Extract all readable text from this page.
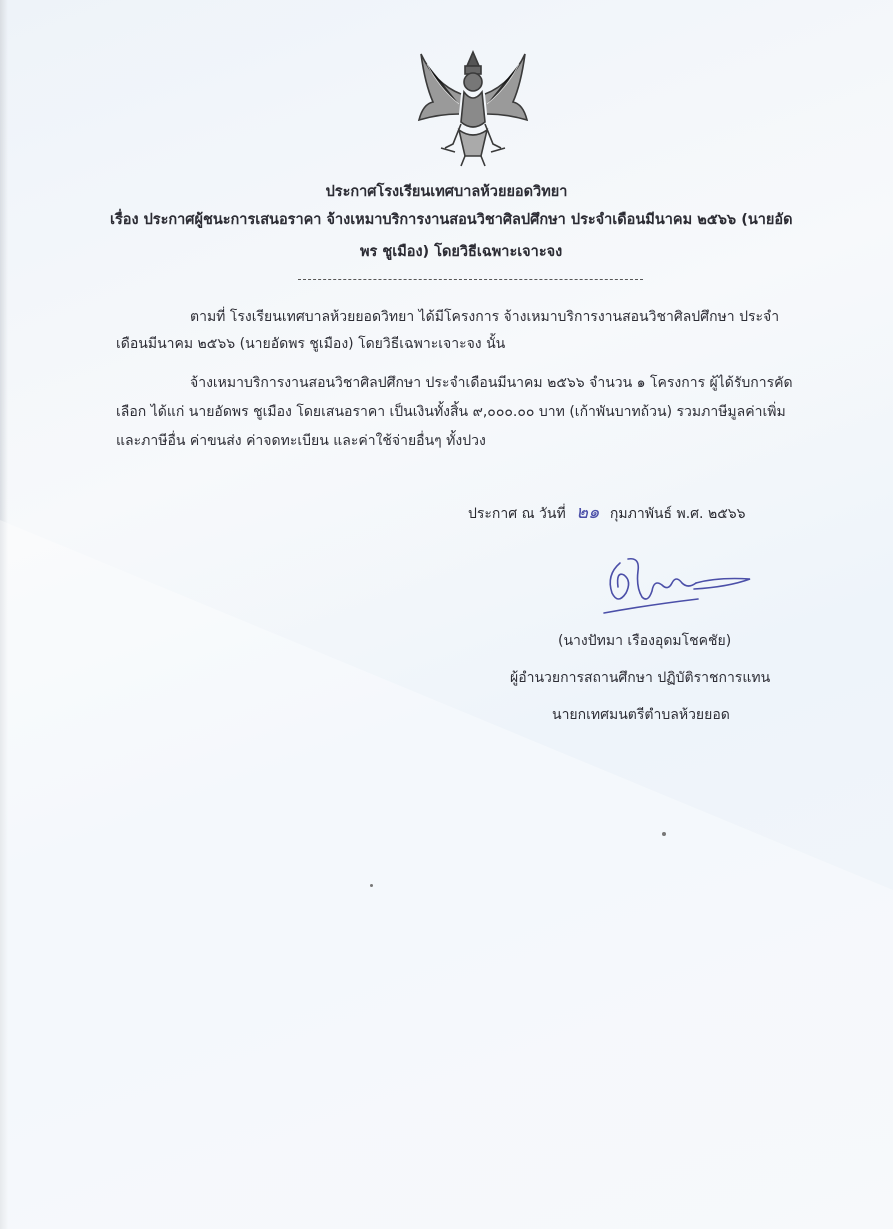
ประกาศโรงเรียนเทศบาลห้วยยอดวิทยา
เรื่อง ประกาศผู้ชนะการเสนอราคา จ้างเหมาบริการงานสอนวิชาศิลปศึกษา ประจำเดือนมีนาคม ๒๕๖๖ (นายอัด
พร ชูเมือง) โดยวิธีเฉพาะเจาะจง
ตามที่ โรงเรียนเทศบาลห้วยยอดวิทยา ได้มีโครงการ จ้างเหมาบริการงานสอนวิชาศิลปศึกษา ประจำ
เดือนมีนาคม ๒๕๖๖ (นายอัดพร ชูเมือง) โดยวิธีเฉพาะเจาะจง นั้น
จ้างเหมาบริการงานสอนวิชาศิลปศึกษา ประจำเดือนมีนาคม ๒๕๖๖ จำนวน ๑ โครงการ ผู้ได้รับการคัด
เลือก ได้แก่ นายอัดพร ชูเมือง โดยเสนอราคา เป็นเงินทั้งสิ้น ๙,๐๐๐.๐๐ บาท (เก้าพันบาทถ้วน) รวมภาษีมูลค่าเพิ่ม
และภาษีอื่น ค่าขนส่ง ค่าจดทะเบียน และค่าใช้จ่ายอื่นๆ ทั้งปวง
ประกาศ ณ วันที่ ๒๑ กุมภาพันธ์ พ.ศ. ๒๕๖๖
(นางปัทมา เรืองอุดมโชคชัย)
ผู้อำนวยการสถานศึกษา ปฏิบัติราชการแทน
นายกเทศมนตรีตำบลห้วยยอด
